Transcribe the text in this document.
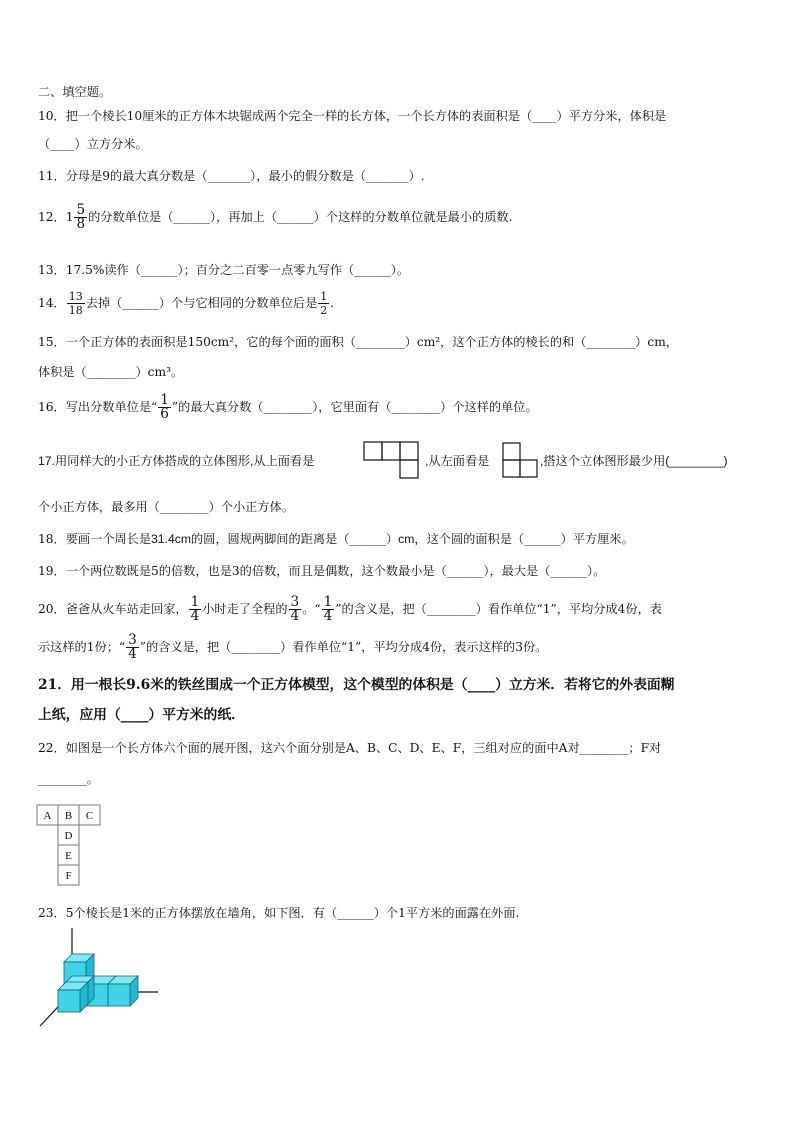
二、填空题。
10．把一个棱长10厘米的正方体木块锯成两个完全一样的长方体，一个长方体的表面积是（____）平方分米，体积是
（____）立方分米。
11．分母是9的最大真分数是（_______），最小的假分数是（_______）.
12．$1 \frac{5}{8}$ 的分数单位是（______），再加上（______）个这样的分数单位就是最小的质数.
13．17.5%读作（______）；百分之二百零一点零九写作（______）。
14． $\frac{13}{18}$ 去掉（______）个与它相同的分数单位后是 $\frac{1}{2}$ .
15．一个正方体的表面积是150cm²，它的每个面的面积（________）cm²，这个正方体的棱长的和（________）cm，
体积是（________）cm³。
16．写出分数单位是“ $\frac{1}{6}$ ”的最大真分数（________），它里面有（________）个这样的单位。
17.用同样大的小正方体搭成的立体图形,从上面看是	,从左面看是	,搭这个立体图形最少用(________)
个小正方体，最多用（________）个小正方体。
18．要画一个周长是31.4cm的圆，圆规两脚间的距离是（______）cm，这个圆的面积是（______）平方厘米。
19．一个两位数既是5的倍数，也是3的倍数，而且是偶数，这个数最小是（______），最大是（______）。
20．爸爸从火车站走回家， $\frac{1}{4}$ 小时走了全程的 $\frac{3}{4}$ 。“ $\frac{1}{4}$ ”的含义是，把（________）看作单位“1”，平均分成4份，表
示这样的1份；“ $\frac{3}{4}$ ”的含义是，把（________）看作单位“1”，平均分成4份，表示这样的3份。
21．用一根长9.6米的铁丝围成一个正方体模型，这个模型的体积是（____）立方米．若将它的外表面糊
上纸，应用（____）平方米的纸．
22．如图是一个长方体六个面的展开图，这六个面分别是A、B、C、D、E、F，三组对应的面中A对________；F对
________。
A B C
D
E
F
23．5个棱长是1米的正方体摆放在墙角，如下图．有（______）个1平方米的面露在外面.
